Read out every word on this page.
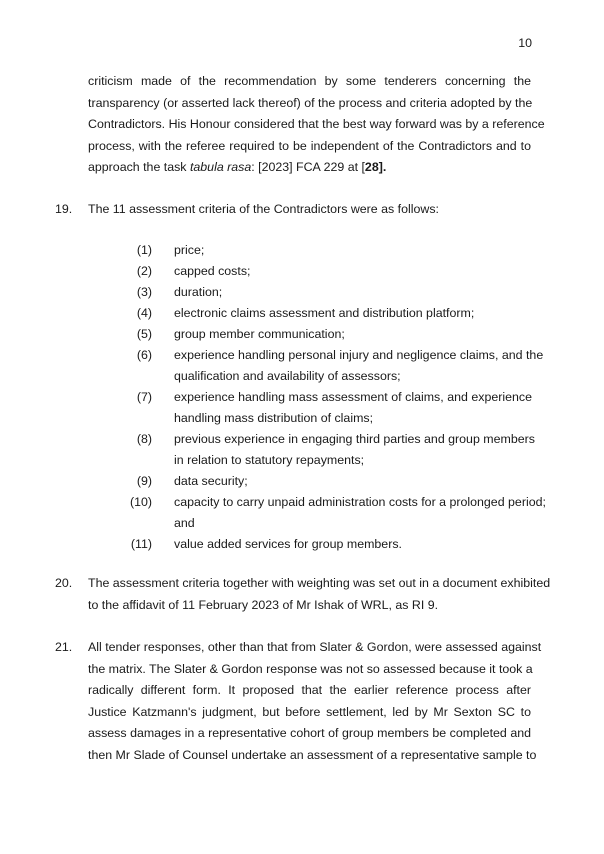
10
criticism made of the recommendation by some tenderers concerning the
transparency (or asserted lack thereof) of the process and criteria adopted by the
Contradictors. His Honour considered that the best way forward was by a reference
process, with the referee required to be independent of the Contradictors and to
approach the task tabula rasa: [2023] FCA 229 at [28].
19. The 11 assessment criteria of the Contradictors were as follows:
(1) price;
(2) capped costs;
(3) duration;
(4) electronic claims assessment and distribution platform;
(5) group member communication;
(6) experience handling personal injury and negligence claims, and the
qualification and availability of assessors;
(7) experience handling mass assessment of claims, and experience
handling mass distribution of claims;
(8) previous experience in engaging third parties and group members
in relation to statutory repayments;
(9) data security;
(10) capacity to carry unpaid administration costs for a prolonged period;
and
(11) value added services for group members.
20. The assessment criteria together with weighting was set out in a document exhibited
to the affidavit of 11 February 2023 of Mr Ishak of WRL, as RI 9.
21. All tender responses, other than that from Slater & Gordon, were assessed against
the matrix. The Slater & Gordon response was not so assessed because it took a
radically different form. It proposed that the earlier reference process after
Justice Katzmann's judgment, but before settlement, led by Mr Sexton SC to
assess damages in a representative cohort of group members be completed and
then Mr Slade of Counsel undertake an assessment of a representative sample to
